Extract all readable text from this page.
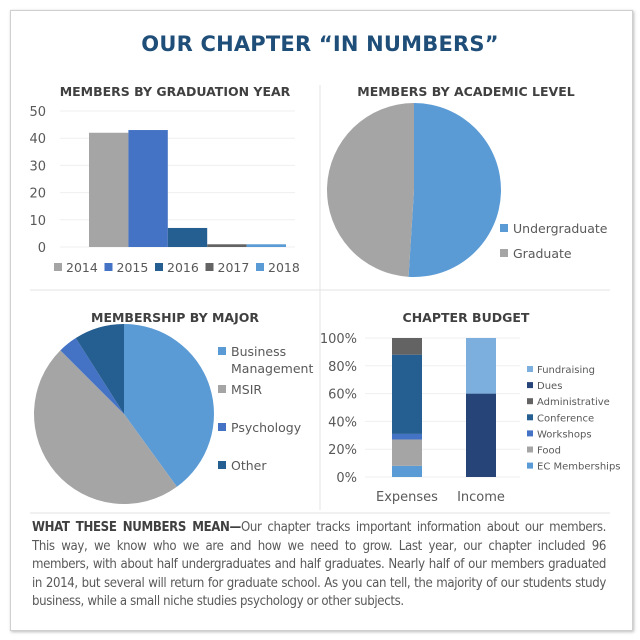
OUR CHAPTER “IN NUMBERS”
MEMBERS BY GRADUATION YEAR
0
10
20
30
40
50
2014 2015 2016 2017 2018
MEMBERS BY ACADEMIC LEVEL
Undergraduate
Graduate
MEMBERSHIP BY MAJOR
Business
Management
MSIR
Psychology
Other
CHAPTER BUDGET
0%
20%
40%
60%
80%
100%
Expenses Income
Fundraising
Dues
Administrative
Conference
Workshops
Food
EC Memberships
WHAT THESE NUMBERS MEAN—Our chapter tracks important information about our members. This way, we know who we are and how we need to grow. Last year, our chapter included 96 members, with about half undergraduates and half graduates. Nearly half of our members graduated in 2014, but several will return for graduate school. As you can tell, the majority of our students study business, while a small niche studies psychology or other subjects.
